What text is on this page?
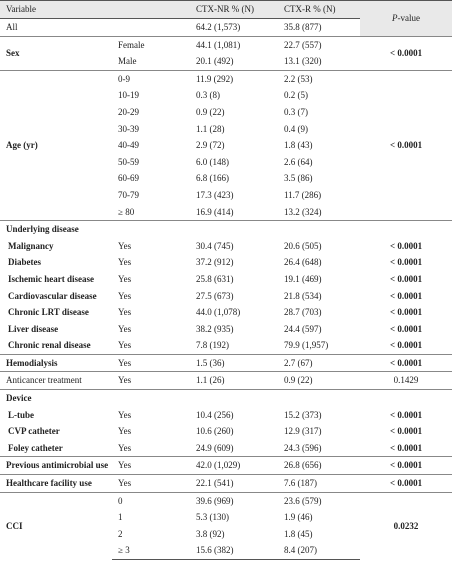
Variable		CTX-NR % (N)	CTX-R % (N)	P-value
All		64.2 (1,573)	35.8 (877)	
Sex	Female	44.1 (1,081)	22.7 (557)	< 0.0001
	Male	20.1 (492)	13.1 (320)	
Age (yr)	0-9	11.9 (292)	2.2 (53)	< 0.0001
	10-19	0.3 (8)	0.2 (5)	
	20-29	0.9 (22)	0.3 (7)	
	30-39	1.1 (28)	0.4 (9)	
	40-49	2.9 (72)	1.8 (43)	
	50-59	6.0 (148)	2.6 (64)	
	60-69	6.8 (166)	3.5 (86)	
	70-79	17.3 (423)	11.7 (286)	
	≥ 80	16.9 (414)	13.2 (324)	
Underlying disease				
Malignancy	Yes	30.4 (745)	20.6 (505)	< 0.0001
Diabetes	Yes	37.2 (912)	26.4 (648)	< 0.0001
Ischemic heart disease	Yes	25.8 (631)	19.1 (469)	< 0.0001
Cardiovascular disease	Yes	27.5 (673)	21.8 (534)	< 0.0001
Chronic LRT disease	Yes	44.0 (1,078)	28.7 (703)	< 0.0001
Liver disease	Yes	38.2 (935)	24.4 (597)	< 0.0001
Chronic renal disease	Yes	7.8 (192)	79.9 (1,957)	< 0.0001
Hemodialysis	Yes	1.5 (36)	2.7 (67)	< 0.0001
Anticancer treatment	Yes	1.1 (26)	0.9 (22)	0.1429
Device				
L-tube	Yes	10.4 (256)	15.2 (373)	< 0.0001
CVP catheter	Yes	10.6 (260)	12.9 (317)	< 0.0001
Foley catheter	Yes	24.9 (609)	24.3 (596)	< 0.0001
Previous antimicrobial use	Yes	42.0 (1,029)	26.8 (656)	< 0.0001
Healthcare facility use	Yes	22.1 (541)	7.6 (187)	< 0.0001
CCI	0	39.6 (969)	23.6 (579)	0.0232
	1	5.3 (130)	1.9 (46)	
	2	3.8 (92)	1.8 (45)	
	≥ 3	15.6 (382)	8.4 (207)	
